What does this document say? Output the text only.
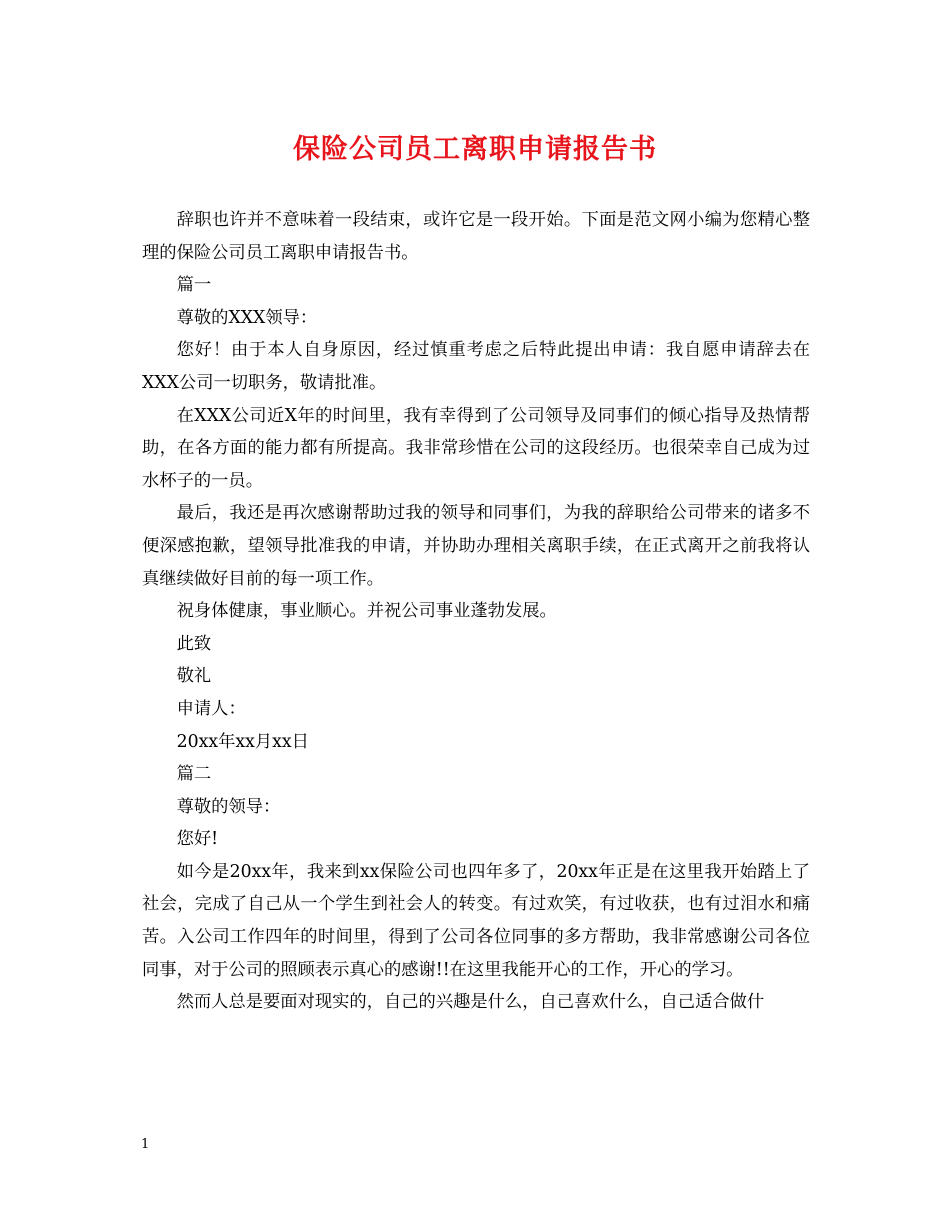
保险公司员工离职申请报告书

辞职也许并不意味着一段结束，或许它是一段开始。下面是范文网小编为您精心整理的保险公司员工离职申请报告书。

篇一

尊敬的XXX领导：

您好！由于本人自身原因，经过慎重考虑之后特此提出申请：我自愿申请辞去在XXX公司一切职务，敬请批准。

在XXX公司近X年的时间里，我有幸得到了公司领导及同事们的倾心指导及热情帮助，在各方面的能力都有所提高。我非常珍惜在公司的这段经历。也很荣幸自己成为过水杯子的一员。

最后，我还是再次感谢帮助过我的领导和同事们，为我的辞职给公司带来的诸多不便深感抱歉，望领导批准我的申请，并协助办理相关离职手续，在正式离开之前我将认真继续做好目前的每一项工作。

祝身体健康，事业顺心。并祝公司事业蓬勃发展。

此致

敬礼

申请人：

20xx年xx月xx日

篇二

尊敬的领导：

您好!

如今是20xx年，我来到xx保险公司也四年多了，20xx年正是在这里我开始踏上了社会，完成了自己从一个学生到社会人的转变。有过欢笑，有过收获，也有过泪水和痛苦。入公司工作四年的时间里，得到了公司各位同事的多方帮助，我非常感谢公司各位同事，对于公司的照顾表示真心的感谢!!在这里我能开心的工作，开心的学习。

然而人总是要面对现实的，自己的兴趣是什么，自己喜欢什么，自己适合做什

1
